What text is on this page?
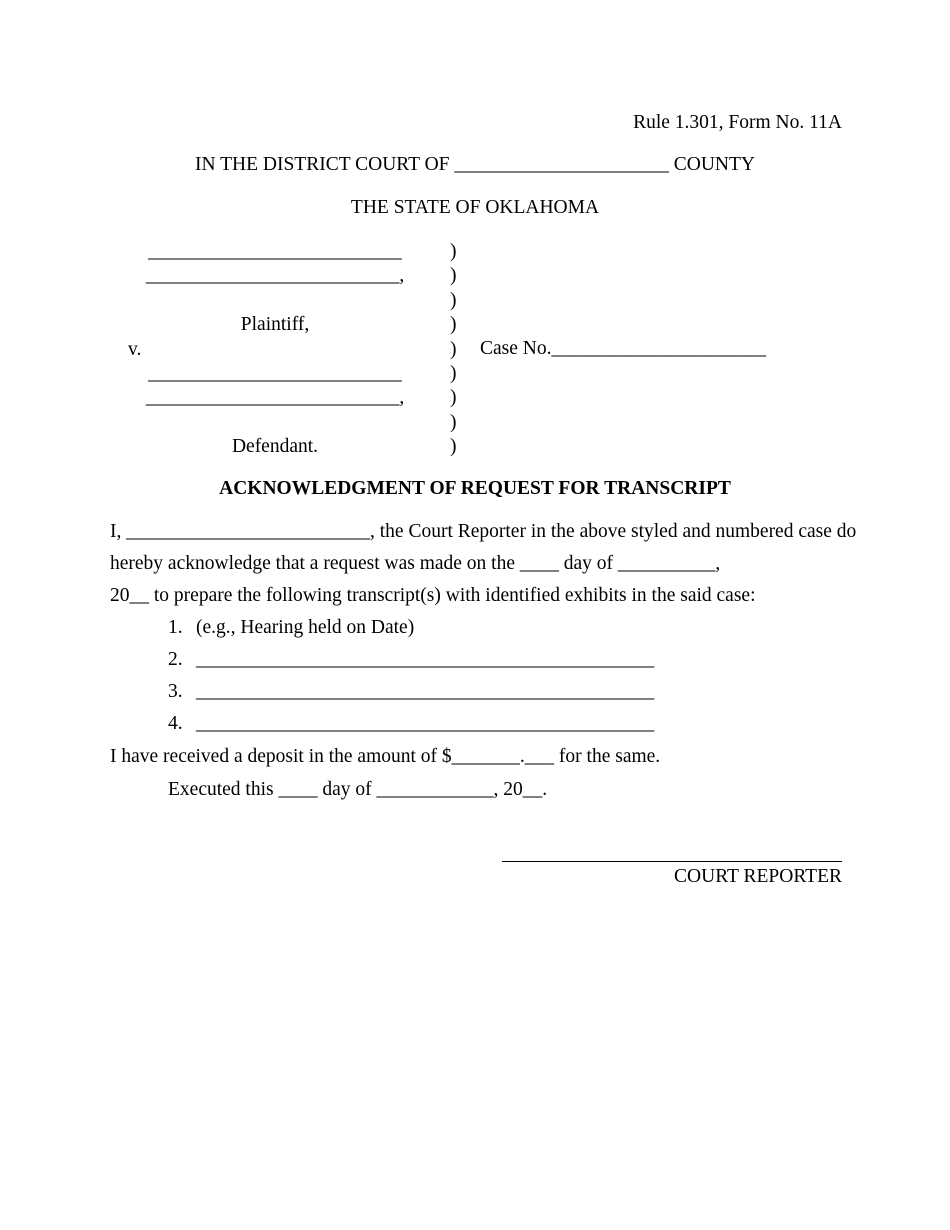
Rule 1.301, Form No. 11A
IN THE DISTRICT COURT OF ______________________ COUNTY
THE STATE OF OKLAHOMA
__________________________	)
__________________________,	)
)
Plaintiff,	)
v.	)
__________________________	)
__________________________,	)
)
Defendant.	)
Case No.______________________
ACKNOWLEDGMENT OF REQUEST FOR TRANSCRIPT
I, _________________________, the Court Reporter in the above styled and numbered case do
hereby acknowledge that a request was made on the ____ day of __________,
20__ to prepare the following transcript(s) with identified exhibits in the said case:
1. (e.g., Hearing held on Date)
2. _______________________________________________
3. _______________________________________________
4. _______________________________________________
I have received a deposit in the amount of $_______.___ for the same.
Executed this ____ day of ____________, 20__.
COURT REPORTER
